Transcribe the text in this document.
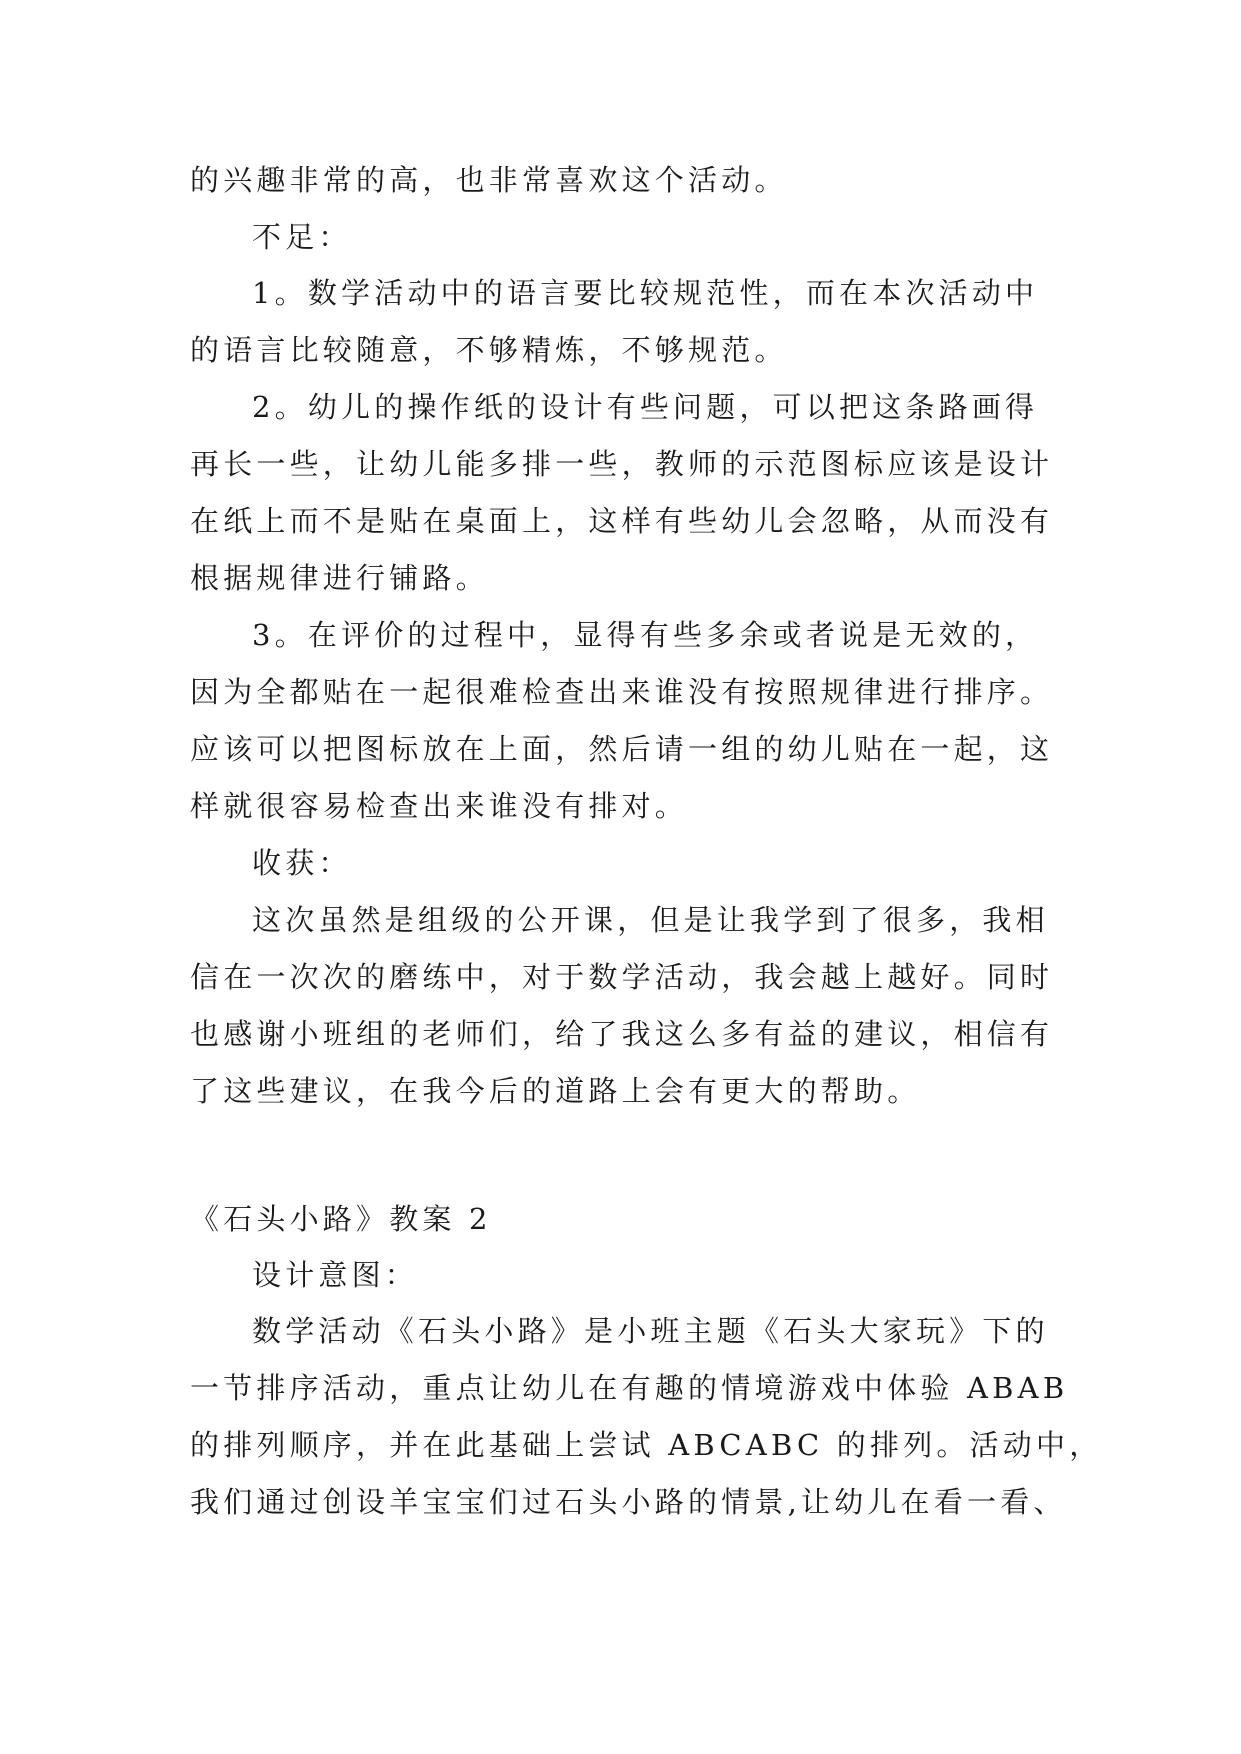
的兴趣非常的高，也非常喜欢这个活动。
不足：
1。数学活动中的语言要比较规范性，而在本次活动中
的语言比较随意，不够精炼，不够规范。
2。幼儿的操作纸的设计有些问题，可以把这条路画得
再长一些，让幼儿能多排一些，教师的示范图标应该是设计
在纸上而不是贴在桌面上，这样有些幼儿会忽略，从而没有
根据规律进行铺路。
3。在评价的过程中，显得有些多余或者说是无效的，
因为全都贴在一起很难检查出来谁没有按照规律进行排序。
应该可以把图标放在上面，然后请一组的幼儿贴在一起，这
样就很容易检查出来谁没有排对。
收获：
这次虽然是组级的公开课，但是让我学到了很多，我相
信在一次次的磨练中，对于数学活动，我会越上越好。同时
也感谢小班组的老师们，给了我这么多有益的建议，相信有
了这些建议，在我今后的道路上会有更大的帮助。
《石头小路》教案 2
设计意图：
数学活动《石头小路》是小班主题《石头大家玩》下的
一节排序活动，重点让幼儿在有趣的情境游戏中体验 ABAB
的排列顺序，并在此基础上尝试 ABCABC 的排列。活动中，
我们通过创设羊宝宝们过石头小路的情景,让幼儿在看一看、
